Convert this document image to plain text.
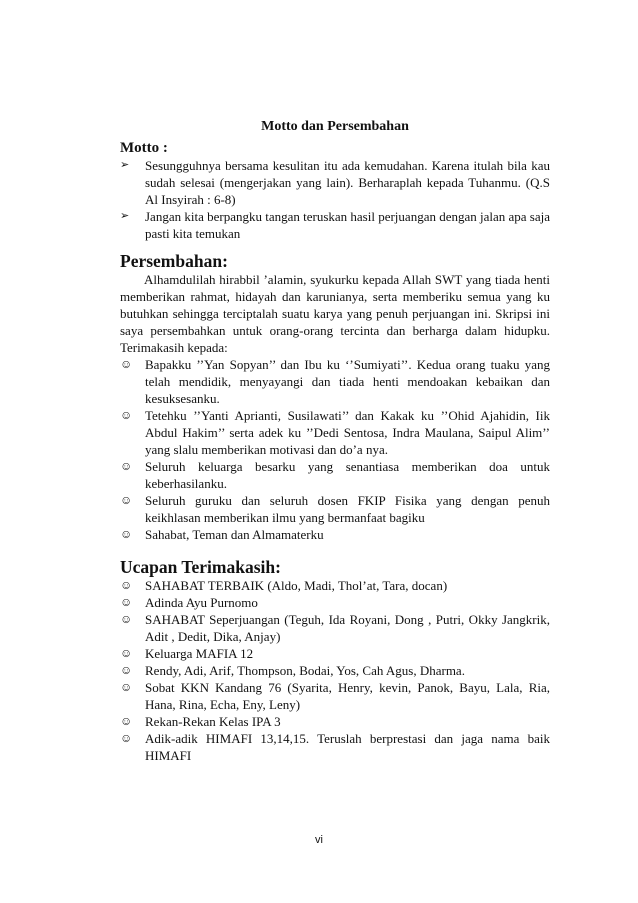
Motto dan Persembahan
Motto :
➢	Sesungguhnya bersama kesulitan itu ada kemudahan. Karena itulah bila kau sudah selesai (mengerjakan yang lain). Berharaplah kepada Tuhanmu. (Q.S Al Insyirah : 6-8)
➢	Jangan kita berpangku tangan teruskan hasil perjuangan dengan jalan apa saja pasti kita temukan
Persembahan:

Alhamdulilah hirabbil ’alamin, syukurku kepada Allah SWT yang tiada henti memberikan rahmat, hidayah dan karunianya, serta memberiku semua yang ku butuhkan sehingga terciptalah suatu karya yang penuh perjuangan ini. Skripsi ini saya persembahkan untuk orang-orang tercinta dan berharga dalam hidupku. Terimakasih kepada:

☺ Bapakku ’’Yan Sopyan’’ dan Ibu ku ‘’Sumiyati’’. Kedua orang tuaku yang telah mendidik, menyayangi dan tiada henti mendoakan kebaikan dan kesuksesanku.
☺ Tetehku ’’Yanti Aprianti, Susilawati’’ dan Kakak ku ’’Ohid Ajahidin, Iik Abdul Hakim’’ serta adek ku ’’Dedi Sentosa, Indra Maulana, Saipul Alim’’ yang slalu memberikan motivasi dan do’a nya.
☺ Seluruh keluarga besarku yang senantiasa memberikan doa untuk keberhasilanku.
☺ Seluruh guruku dan seluruh dosen FKIP Fisika yang dengan penuh keikhlasan memberikan ilmu yang bermanfaat bagiku
☺ Sahabat, Teman dan Almamaterku
Ucapan Terimakasih:
☺ SAHABAT TERBAIK (Aldo, Madi, Thol’at, Tara, docan)
☺ Adinda Ayu Purnomo
☺ SAHABAT Seperjuangan (Teguh, Ida Royani, Dong , Putri, Okky Jangkrik, Adit , Dedit, Dika, Anjay)
☺ Keluarga MAFIA 12
☺ Rendy, Adi, Arif, Thompson, Bodai, Yos, Cah Agus, Dharma.
☺ Sobat KKN Kandang 76 (Syarita, Henry, kevin, Panok, Bayu, Lala, Ria, Hana, Rina, Echa, Eny, Leny)
☺ Rekan-Rekan Kelas IPA 3
☺ Adik-adik HIMAFI 13,14,15. Teruslah berprestasi dan jaga nama baik HIMAFI
vi
